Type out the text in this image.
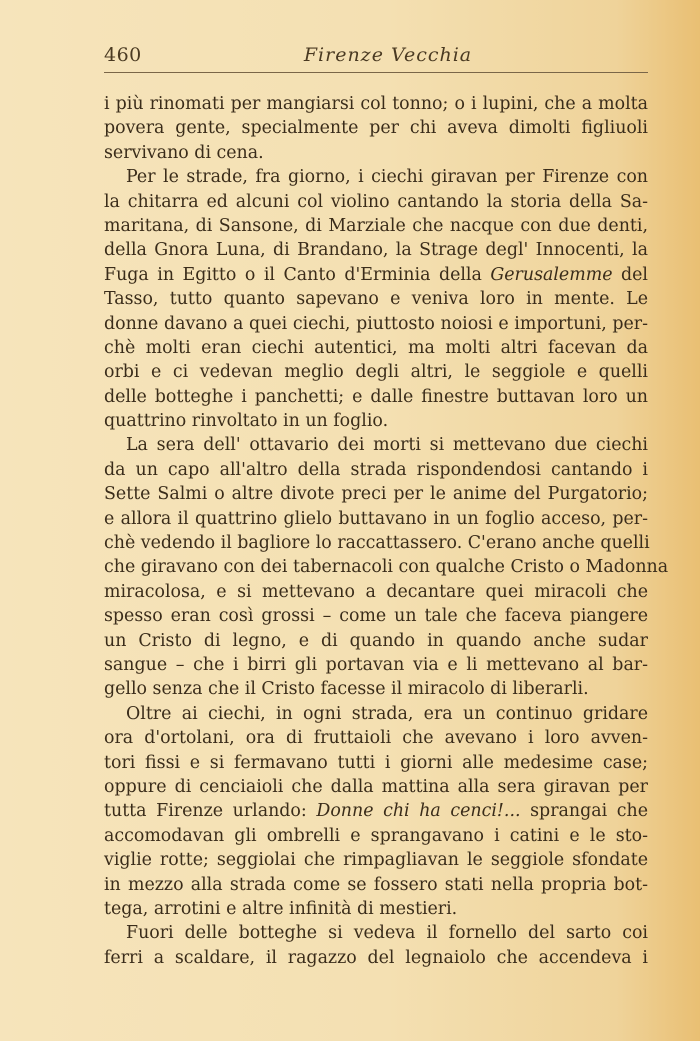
460	Firenze Vecchia
i più rinomati per mangiarsi col tonno; o i lupini, che a molta
povera gente, specialmente per chi aveva dimolti figliuoli
servivano di cena.
Per le strade, fra giorno, i ciechi giravan per Firenze con
la chitarra ed alcuni col violino cantando la storia della Sa-
maritana, di Sansone, di Marziale che nacque con due denti,
della Gnora Luna, di Brandano, la Strage degl' Innocenti, la
Fuga in Egitto o il Canto d'Erminia della Gerusalemme del
Tasso, tutto quanto sapevano e veniva loro in mente. Le
donne davano a quei ciechi, piuttosto noiosi e importuni, per-
chè molti eran ciechi autentici, ma molti altri facevan da
orbi e ci vedevan meglio degli altri, le seggiole e quelli
delle botteghe i panchetti; e dalle finestre buttavan loro un
quattrino rinvoltato in un foglio.
La sera dell' ottavario dei morti si mettevano due ciechi
da un capo all'altro della strada rispondendosi cantando i
Sette Salmi o altre divote preci per le anime del Purgatorio;
e allora il quattrino glielo buttavano in un foglio acceso, per-
chè vedendo il bagliore lo raccattassero. C'erano anche quelli
che giravano con dei tabernacoli con qualche Cristo o Madonna
miracolosa, e si mettevano a decantare quei miracoli che
spesso eran così grossi – come un tale che faceva piangere
un Cristo di legno, e di quando in quando anche sudar
sangue – che i birri gli portavan via e li mettevano al bar-
gello senza che il Cristo facesse il miracolo di liberarli.
Oltre ai ciechi, in ogni strada, era un continuo gridare
ora d'ortolani, ora di fruttaioli che avevano i loro avven-
tori fissi e si fermavano tutti i giorni alle medesime case;
oppure di cenciaioli che dalla mattina alla sera giravan per
tutta Firenze urlando: Donne chi ha cenci!... sprangai che
accomodavan gli ombrelli e sprangavano i catini e le sto-
viglie rotte; seggiolai che rimpagliavan le seggiole sfondate
in mezzo alla strada come se fossero stati nella propria bot-
tega, arrotini e altre infinità di mestieri.
Fuori delle botteghe si vedeva il fornello del sarto coi
ferri a scaldare, il ragazzo del legnaiolo che accendeva i
